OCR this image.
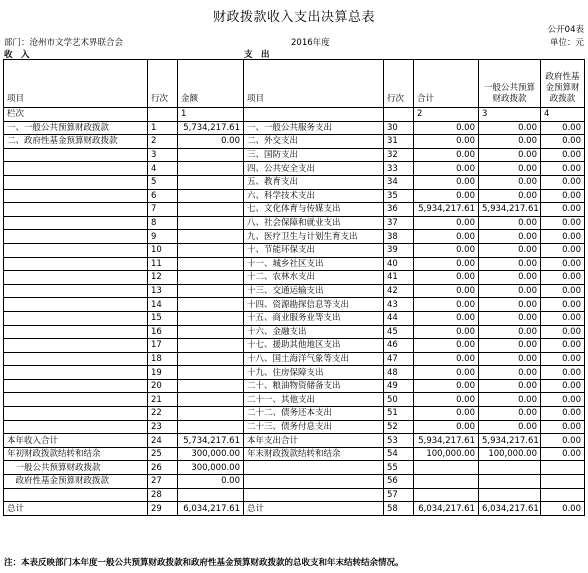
财政拨款收入支出决算总表
公开04表
部门：沧州市文学艺术界联合会	2016年度	单位：元
收　入	支　出
项目	行次	金额	项目	行次	合计	一般公共预算财政拨款	政府性基金预算财政拨款
栏次		1			2	3	4
一、一般公共预算财政拨款	1	5,734,217.61	一、一般公共服务支出	30	0.00	0.00	0.00
二、政府性基金预算财政拨款	2	0.00	二、外交支出	31	0.00	0.00	0.00
	3		三、国防支出	32	0.00	0.00	0.00
	4		四、公共安全支出	33	0.00	0.00	0.00
	5		五、教育支出	34	0.00	0.00	0.00
	6		六、科学技术支出	35	0.00	0.00	0.00
	7		七、文化体育与传媒支出	36	5,934,217.61	5,934,217.61	0.00
	8		八、社会保障和就业支出	37	0.00	0.00	0.00
	9		九、医疗卫生与计划生育支出	38	0.00	0.00	0.00
	10		十、节能环保支出	39	0.00	0.00	0.00
	11		十一、城乡社区支出	40	0.00	0.00	0.00
	12		十二、农林水支出	41	0.00	0.00	0.00
	13		十三、交通运输支出	42	0.00	0.00	0.00
	14		十四、资源勘探信息等支出	43	0.00	0.00	0.00
	15		十五、商业服务业等支出	44	0.00	0.00	0.00
	16		十六、金融支出	45	0.00	0.00	0.00
	17		十七、援助其他地区支出	46	0.00	0.00	0.00
	18		十八、国土海洋气象等支出	47	0.00	0.00	0.00
	19		十九、住房保障支出	48	0.00	0.00	0.00
	20		二十、粮油物资储备支出	49	0.00	0.00	0.00
	21		二十一、其他支出	50	0.00	0.00	0.00
	22		二十二、债务还本支出	51	0.00	0.00	0.00
	23		二十三、债务付息支出	52	0.00	0.00	0.00
本年收入合计	24	5,734,217.61	本年支出合计	53	5,934,217.61	5,934,217.61	0.00
年初财政拨款结转和结余	25	300,000.00	年末财政拨款结转和结余	54	100,000.00	100,000.00	0.00
　一般公共预算财政拨款	26	300,000.00		55			
　政府性基金预算财政拨款	27	0.00		56			
	28			57			
总计	29	6,034,217.61	总计	58	6,034,217.61	6,034,217.61	0.00
注：本表反映部门本年度一般公共预算财政拨款和政府性基金预算财政拨款的总收支和年末结转结余情况。
